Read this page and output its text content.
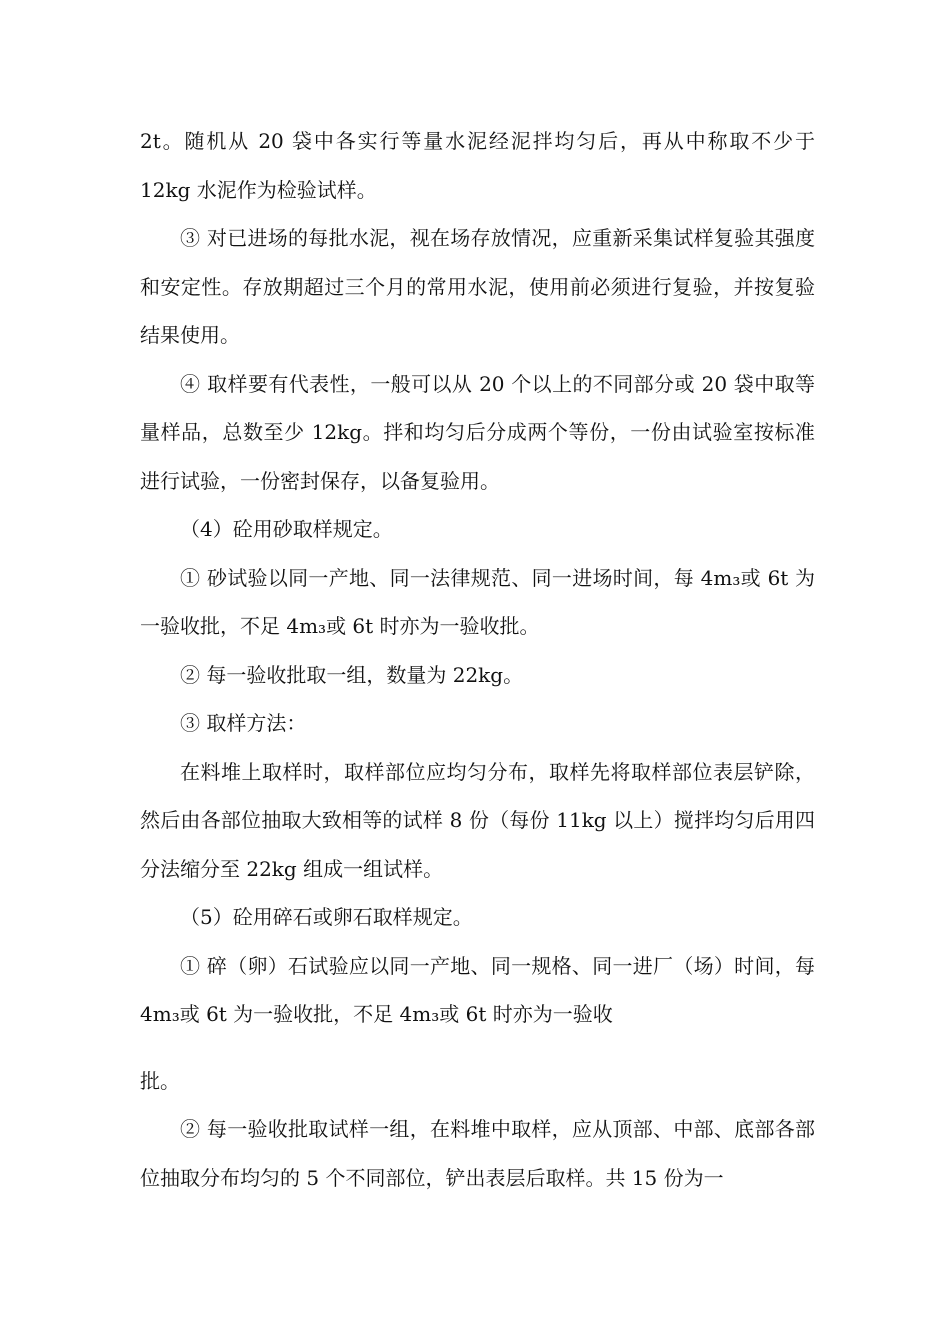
2t。随机从 20 袋中各实行等量水泥经泥拌均匀后，再从中称取不少于 12kg 水泥作为检验试样。

③ 对已进场的每批水泥，视在场存放情况，应重新采集试样复验其强度和安定性。存放期超过三个月的常用水泥，使用前必须进行复验，并按复验结果使用。

④ 取样要有代表性，一般可以从 20 个以上的不同部分或 20 袋中取等量样品，总数至少 12kg。拌和均匀后分成两个等份，一份由试验室按标准进行试验，一份密封保存，以备复验用。

（4）砼用砂取样规定。

① 砂试验以同一产地、同一法律规范、同一进场时间，每 4m₃或 6t 为一验收批，不足 4m₃或 6t 时亦为一验收批。

② 每一验收批取一组，数量为 22kg。

③ 取样方法：

在料堆上取样时，取样部位应均匀分布，取样先将取样部位表层铲除，然后由各部位抽取大致相等的试样 8 份（每份 11kg 以上）搅拌均匀后用四分法缩分至 22kg 组成一组试样。

（5）砼用碎石或卵石取样规定。

① 碎（卵）石试验应以同一产地、同一规格、同一进厂（场）时间，每 4m₃或 6t 为一验收批，不足 4m₃或 6t 时亦为一验收

批。

② 每一验收批取试样一组，在料堆中取样，应从顶部、中部、底部各部位抽取分布均匀的 5 个不同部位，铲出表层后取样。共 15 份为一
